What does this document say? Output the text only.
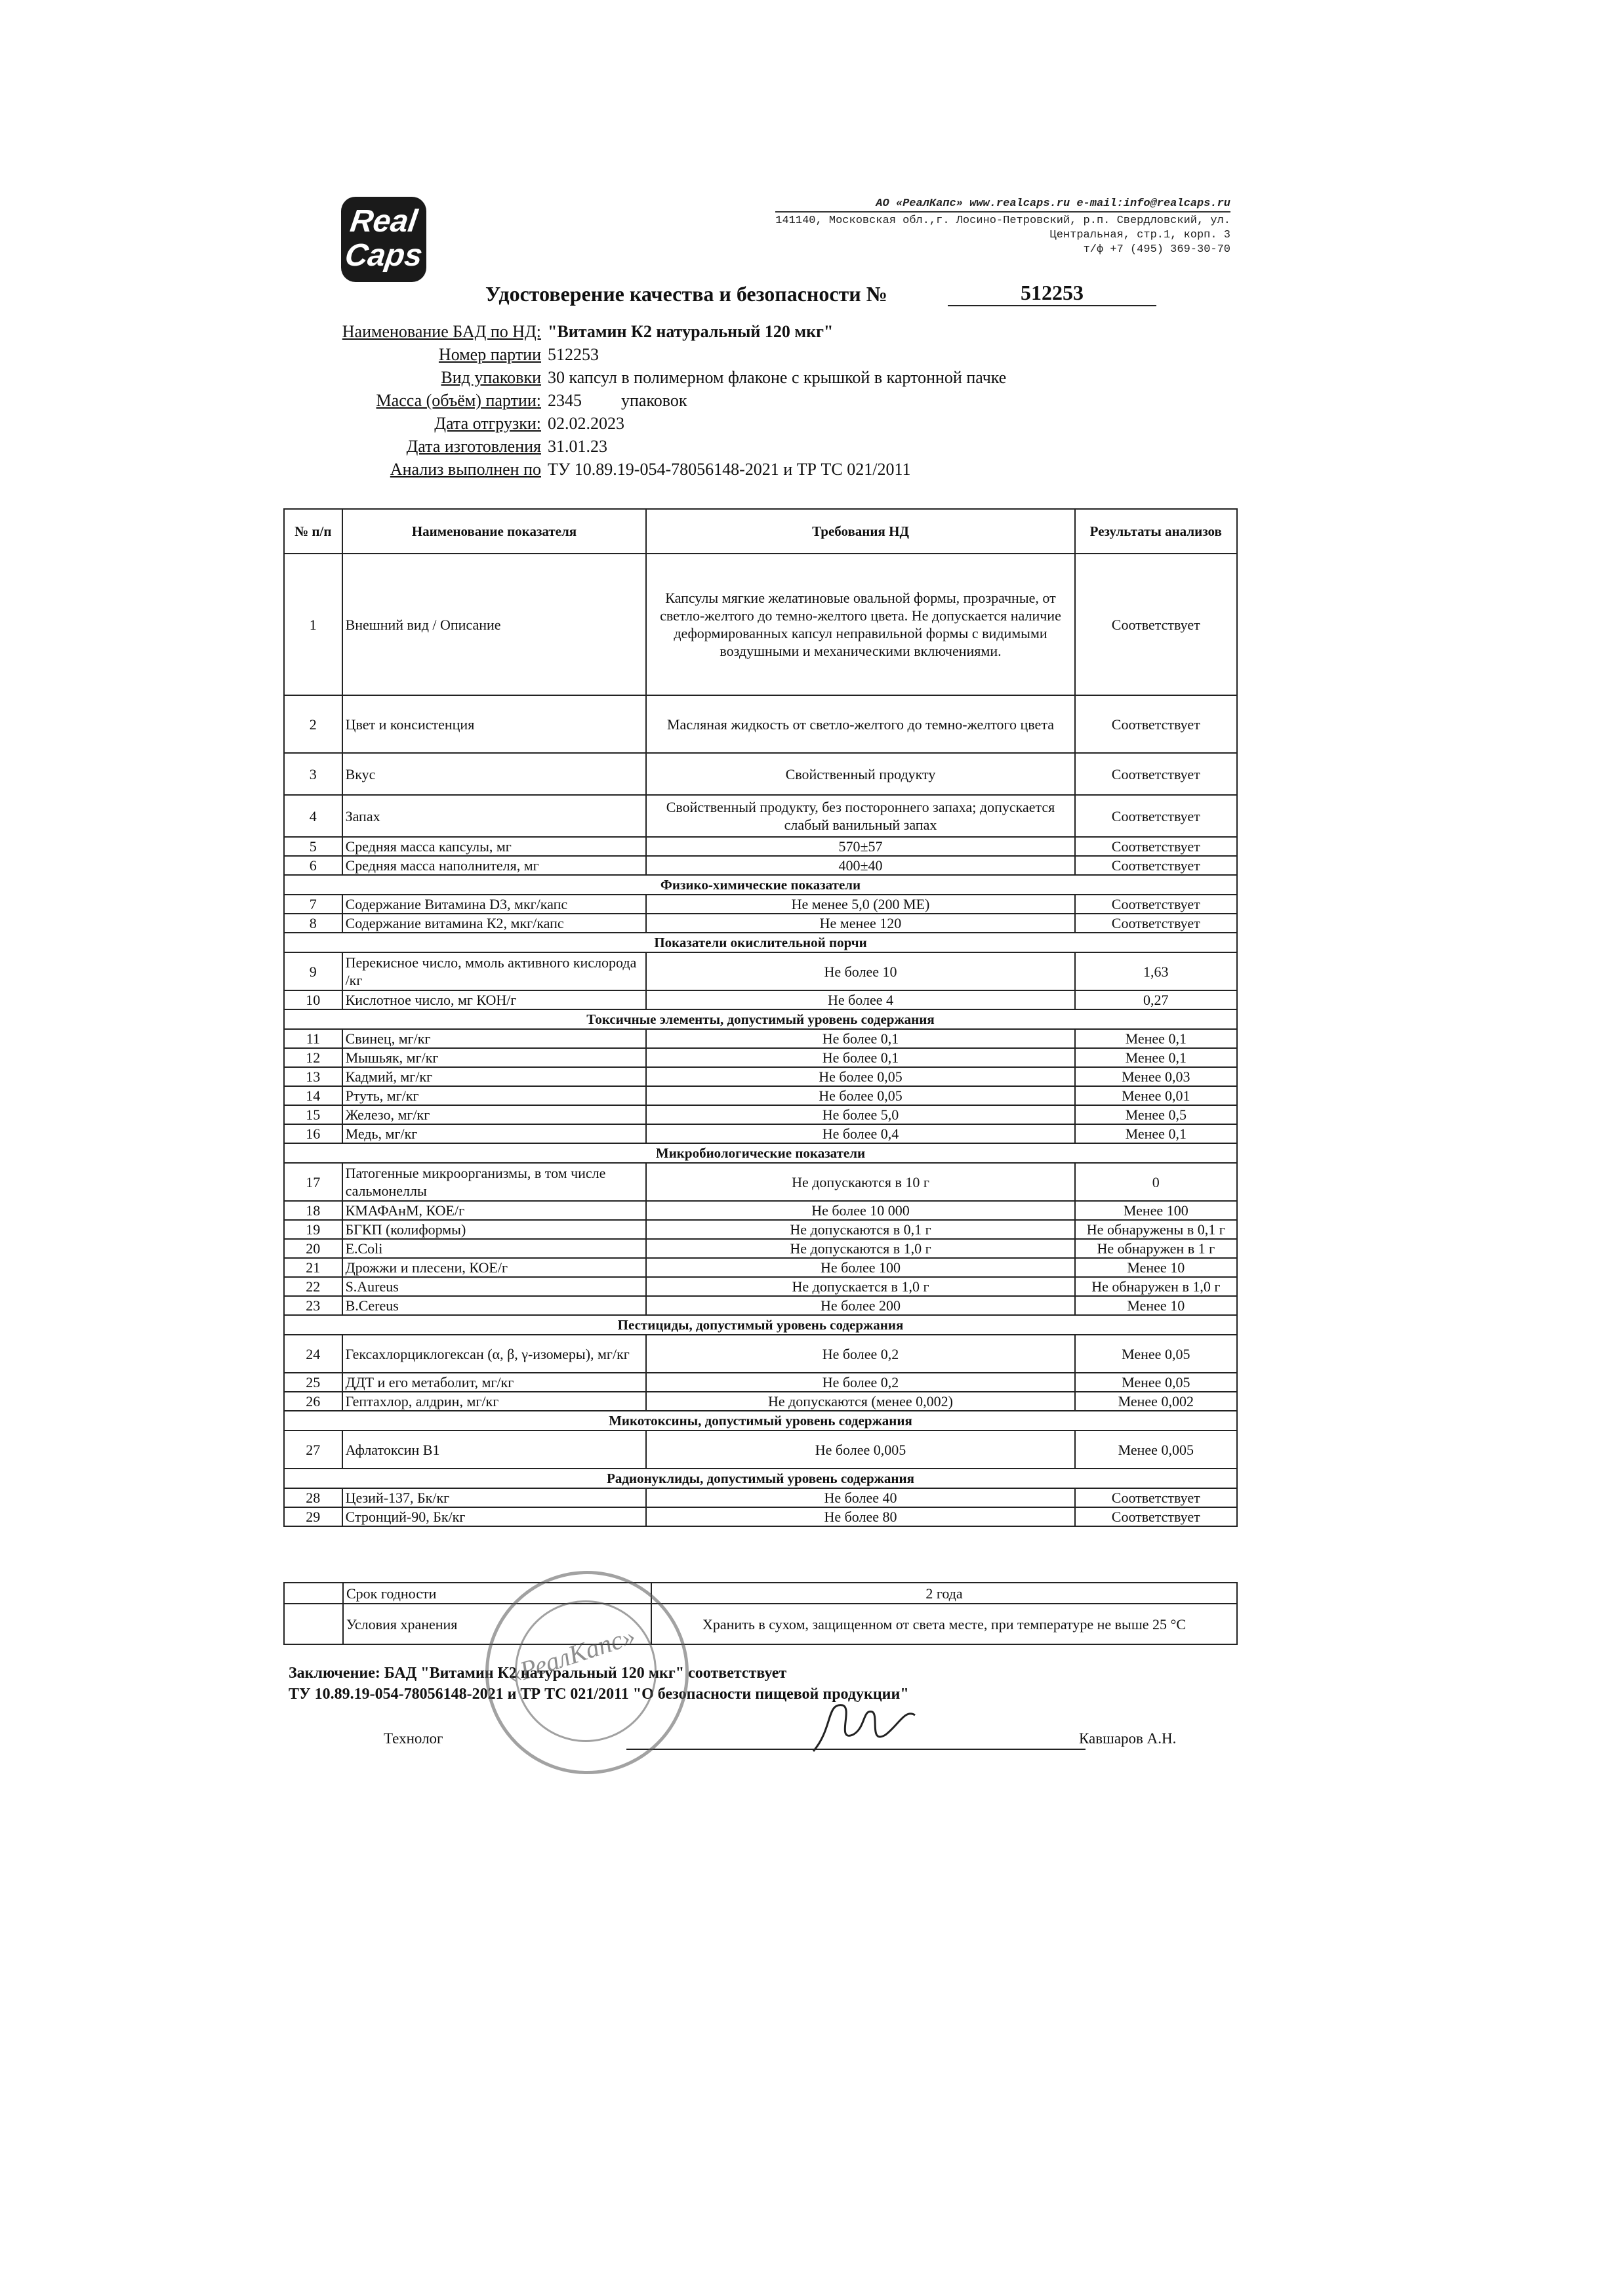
Real
Caps
АО «РеалКапс» www.realcaps.ru e-mail:info@realcaps.ru
141140, Московская обл.,г. Лосино-Петровский, р.п. Свердловский, ул.
Центральная, стр.1, корп. 3
т/ф +7 (495) 369-30-70
Удостоверение качества и безопасности №	512253
Наименование БАД по НД: "Витамин К2 натуральный 120 мкг"
Номер партии 512253
Вид упаковки 30 капсул в полимерном флаконе с крышкой в картонной пачке
Масса (объём) партии: 2345 упаковок
Дата отгрузки: 02.02.2023
Дата изготовления 31.01.23
Анализ выполнен по ТУ 10.89.19-054-78056148-2021 и ТР ТС 021/2011
№ п/п	Наименование показателя	Требования НД	Результаты анализов
1	Внешний вид / Описание	Капсулы мягкие желатиновые овальной формы, прозрачные, от светло-желтого до темно-желтого цвета. Не допускается наличие деформированных капсул неправильной формы с видимыми воздушными и механическими включениями.	Соответствует
2	Цвет и консистенция	Масляная жидкость от светло-желтого до темно-желтого цвета	Соответствует
3	Вкус	Свойственный продукту	Соответствует
4	Запах	Свойственный продукту, без постороннего запаха; допускается слабый ванильный запах	Соответствует
5	Средняя масса капсулы, мг	570±57	Соответствует
6	Средняя масса наполнителя, мг	400±40	Соответствует
Физико-химические показатели			
7	Содержание Витамина D3, мкг/капс	Не менее 5,0 (200 МЕ)	Соответствует
8	Содержание витамина К2, мкг/капс	Не менее 120	Соответствует
Показатели окислительной порчи			
9	Перекисное число, ммоль активного кислорода /кг	Не более 10	1,63
10	Кислотное число, мг КОН/г	Не более 4	0,27
Токсичные элементы, допустимый уровень содержания			
11	Свинец, мг/кг	Не более 0,1	Менее 0,1
12	Мышьяк, мг/кг	Не более 0,1	Менее 0,1
13	Кадмий, мг/кг	Не более 0,05	Менее 0,03
14	Ртуть, мг/кг	Не более 0,05	Менее 0,01
15	Железо, мг/кг	Не более 5,0	Менее 0,5
16	Медь, мг/кг	Не более 0,4	Менее 0,1
Микробиологические показатели			
17	Патогенные микроорганизмы, в том числе сальмонеллы	Не допускаются в 10 г	0
18	КМАФАнМ, КОЕ/г	Не более 10 000	Менее 100
19	БГКП (колиформы)	Не допускаются в 0,1 г	Не обнаружены в 0,1 г
20	E.Coli	Не допускаются в 1,0 г	Не обнаружен в 1 г
21	Дрожжи и плесени, КОЕ/г	Не более 100	Менее 10
22	S.Aureus	Не допускается в 1,0 г	Не обнаружен в 1,0 г
23	B.Cereus	Не более 200	Менее 10
Пестициды, допустимый уровень содержания			
24	Гексахлорциклогексан (α, β, γ-изомеры), мг/кг	Не более 0,2	Менее 0,05
25	ДДТ и его метаболит, мг/кг	Не более 0,2	Менее 0,05
26	Гептахлор, алдрин, мг/кг	Не допускаются (менее 0,002)	Менее 0,002
Микотоксины, допустимый уровень содержания			
27	Афлатоксин В1	Не более 0,005	Менее 0,005
Радионуклиды, допустимый уровень содержания			
28	Цезий-137, Бк/кг	Не более 40	Соответствует
29	Стронций-90, Бк/кг	Не более 80	Соответствует
	Срок годности	2 года
	Условия хранения	Хранить в сухом, защищенном от света месте, при температуре не выше 25 °С
Заключение: БАД "Витамин К2 натуральный 120 мкг" соответствует
ТУ 10.89.19-054-78056148-2021 и ТР ТС 021/2011 "О безопасности пищевой продукции"
Технолог	Кавшаров А.Н.
«РеалКапс»
